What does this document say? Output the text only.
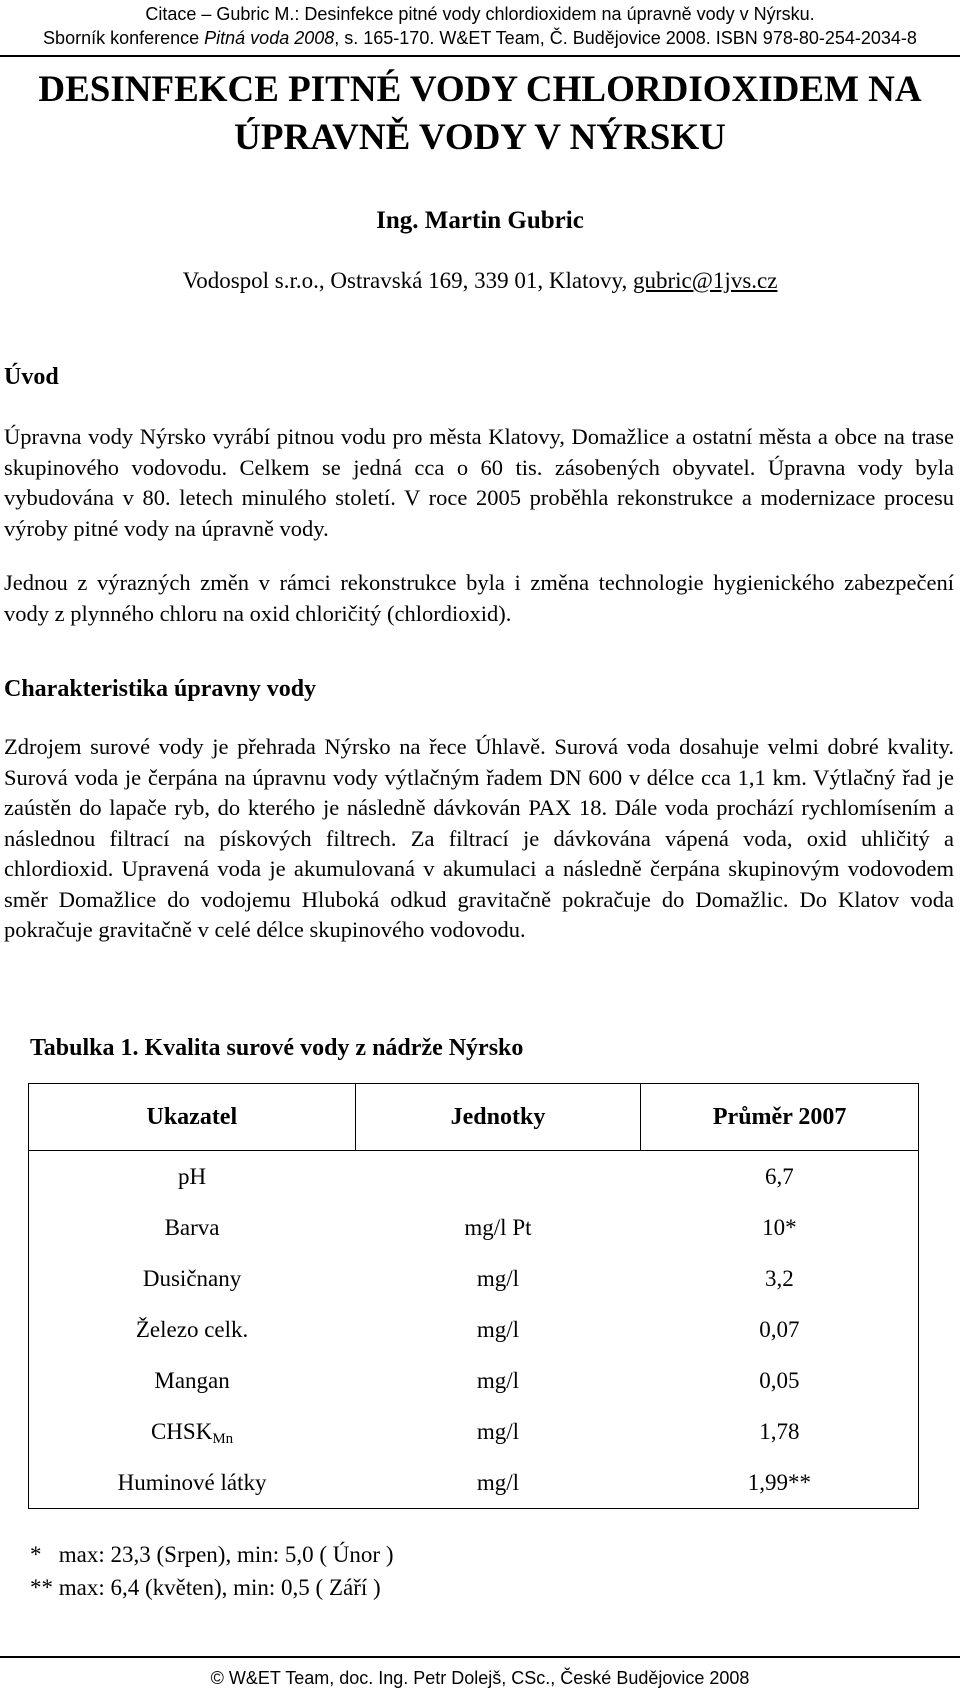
Citace – Gubric M.: Desinfekce pitné vody chlordioxidem na úpravně vody v Nýrsku.
Sborník konference Pitná voda 2008, s. 165-170. W&ET Team, Č. Budějovice 2008. ISBN 978-80-254-2034-8
DESINFEKCE PITNÉ VODY CHLORDIOXIDEM NA
ÚPRAVNĚ VODY V NÝRSKU
Ing. Martin Gubric
Vodospol s.r.o., Ostravská 169, 339 01, Klatovy, gubric@1jvs.cz
Úvod
Úpravna vody Nýrsko vyrábí pitnou vodu pro města Klatovy, Domažlice a ostatní města a obce na trase skupinového vodovodu. Celkem se jedná cca o 60 tis. zásobených obyvatel. Úpravna vody byla vybudována v 80. letech minulého století. V roce 2005 proběhla rekonstrukce a modernizace procesu výroby pitné vody na úpravně vody.
Jednou z výrazných změn v rámci rekonstrukce byla i změna technologie hygienického zabezpečení vody z plynného chloru na oxid chloričitý (chlordioxid).
Charakteristika úpravny vody
Zdrojem surové vody je přehrada Nýrsko na řece Úhlavě. Surová voda dosahuje velmi dobré kvality. Surová voda je čerpána na úpravnu vody výtlačným řadem DN 600 v délce cca 1,1 km. Výtlačný řad je zaústěn do lapače ryb, do kterého je následně dávkován PAX 18. Dále voda prochází rychlomísením a následnou filtrací na pískových filtrech. Za filtrací je dávkována vápená voda, oxid uhličitý a chlordioxid. Upravená voda je akumulovaná v akumulaci a následně čerpána skupinovým vodovodem směr Domažlice do vodojemu Hluboká odkud gravitačně pokračuje do Domažlic. Do Klatov voda pokračuje gravitačně v celé délce skupinového vodovodu.
Tabulka 1. Kvalita surové vody z nádrže Nýrsko
Ukazatel	Jednotky	Průměr 2007
pH		6,7
Barva	mg/l Pt	10*
Dusičnany	mg/l	3,2
Železo celk.	mg/l	0,07
Mangan	mg/l	0,05
$CHSK_{Mn}$	mg/l	1,78
Huminové látky	mg/l	1,99**
*   max: 23,3 (Srpen), min: 5,0 ( Únor )
** max: 6,4 (květen), min: 0,5 ( Září )
© W&ET Team, doc. Ing. Petr Dolejš, CSc., České Budějovice 2008
